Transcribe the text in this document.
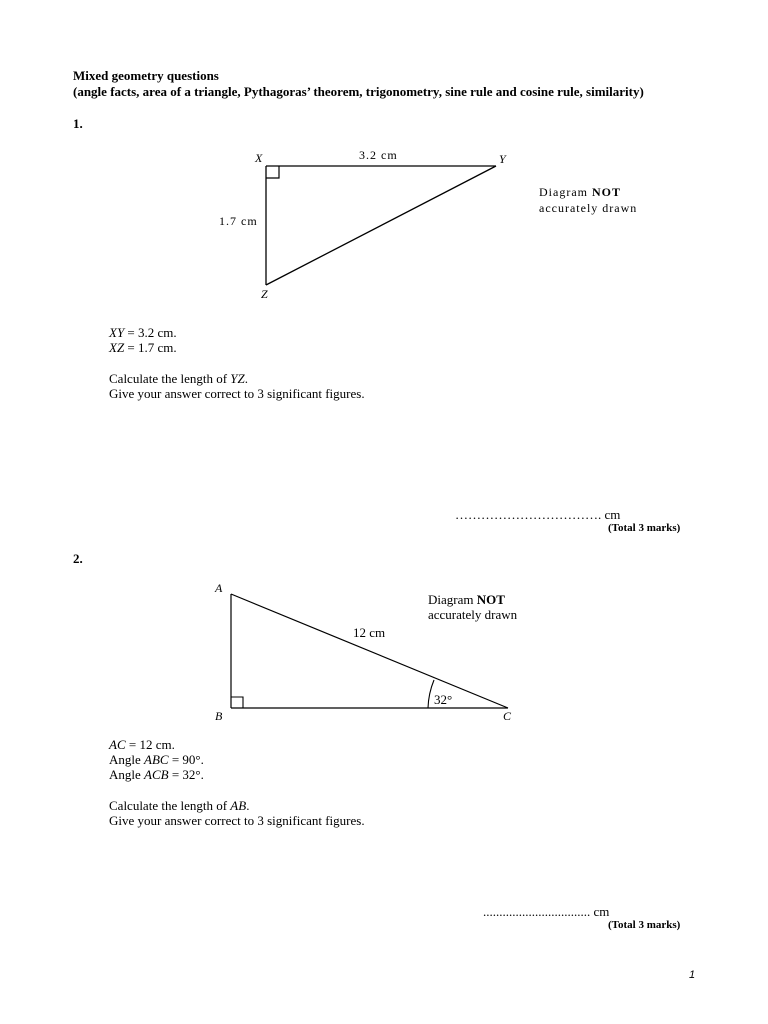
Mixed geometry questions
(angle facts, area of a triangle, Pythagoras’ theorem, trigonometry, sine rule and cosine rule, similarity)
1.
X	Y
Z
3.2 cm
1.7 cm
Diagram NOT
accurately drawn
XY = 3.2 cm.
XZ = 1.7 cm.
Calculate the length of YZ.
Give your answer correct to 3 significant figures.
……………………………. cm
(Total 3 marks)
2.
A
B	C
12 cm
32°
Diagram NOT
accurately drawn
AC = 12 cm.
Angle ABC = 90°.
Angle ACB = 32°.
Calculate the length of AB.
Give your answer correct to 3 significant figures.
................................. cm
(Total 3 marks)
1
